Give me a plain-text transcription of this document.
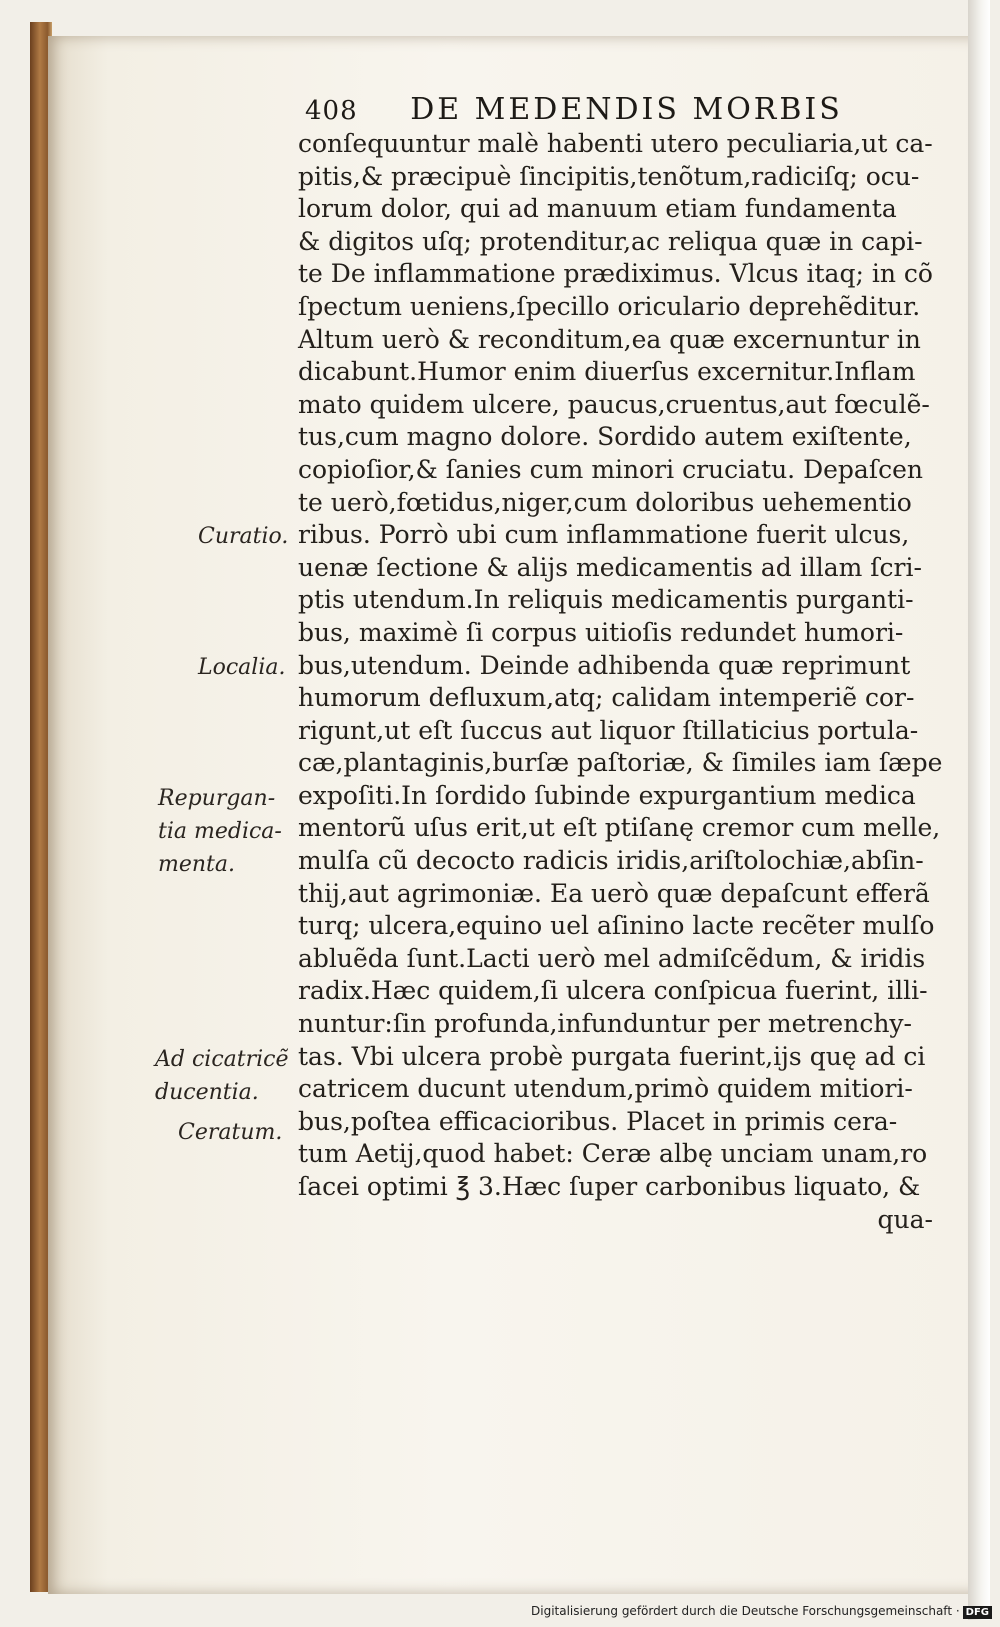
408 DE MEDENDIS MORBIS
conſequuntur malè habenti utero peculiaria,ut ca-
pitis,& præcipuè ſincipitis,tenõtum,radiciſq; ocu-
lorum dolor, qui ad manuum etiam fundamenta
& digitos uſq; protenditur,ac reliqua quæ in capi-
te De inflammatione prædiximus. Vlcus itaq; in cõ
ſpectum ueniens,ſpecillo oriculario deprehẽditur.
Altum uerò & reconditum,ea quæ excernuntur in
dicabunt.Humor enim diuerſus excernitur.Inflam
mato quidem ulcere, paucus,cruentus,aut fœculẽ-
tus,cum magno dolore. Sordido autem exiſtente,
copioſior,& ſanies cum minori cruciatu. Depaſcen
te uerò,fœtidus,niger,cum doloribus uehementio
ribus. Porrò ubi cum inflammatione fuerit ulcus,
uenæ ſectione & alijs medicamentis ad illam ſcri-
ptis utendum.In reliquis medicamentis purganti-
bus, maximè ſi corpus uitioſis redundet humori-
bus,utendum. Deinde adhibenda quæ reprimunt
humorum defluxum,atq; calidam intemperiẽ cor-
rigunt,ut eſt ſuccus aut liquor ſtillaticius portula-
cæ,plantaginis,burſæ paſtoriæ, & ſimiles iam ſæpe
expoſiti.In ſordido ſubinde expurgantium medica
mentorũ uſus erit,ut eſt ptiſanę cremor cum melle,
mulſa cũ decocto radicis iridis,ariſtolochiæ,abſin-
thij,aut agrimoniæ. Ea uerò quæ depaſcunt efferã
turq; ulcera,equino uel aſinino lacte recẽter mulſo
abluẽda ſunt.Lacti uerò mel admiſcẽdum, & iridis
radix.Hæc quidem,ſi ulcera conſpicua fuerint, illi-
nuntur:ſin profunda,infunduntur per metrenchy-
tas. Vbi ulcera probè purgata fuerint,ijs quę ad ci
catricem ducunt utendum,primò quidem mitiori-
bus,poſtea efficacioribus. Placet in primis cera-
tum Aetij,quod habet: Ceræ albę unciam unam,ro
ſacei optimi ℥ 3.Hæc ſuper carbonibus liquato, &
qua-
Curatio.
Localia.
Repurgan-
tia medica-
menta.
Ad cicatricẽ
ducentia.
Ceratum.
Digitalisierung gefördert durch die Deutsche Forschungsgemeinschaft · DFG
